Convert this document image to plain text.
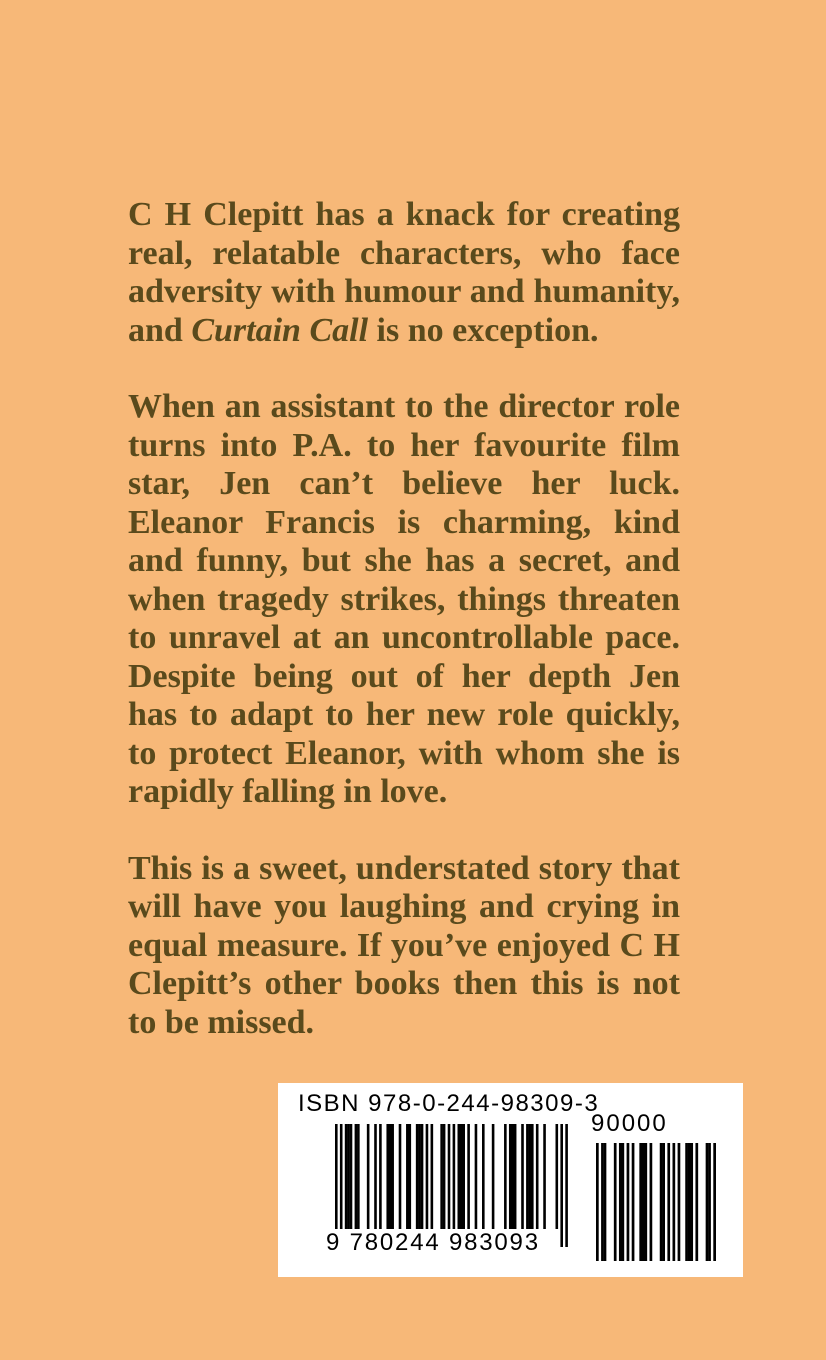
C H Clepitt has a knack for creating real, relatable characters, who face adversity with humour and humanity, and Curtain Call is no exception.

When an assistant to the director role turns into P.A. to her favourite film star, Jen can’t believe her luck. Eleanor Francis is charming, kind and funny, but she has a secret, and when tragedy strikes, things threaten to unravel at an uncontrollable pace. Despite being out of her depth Jen has to adapt to her new role quickly, to protect Eleanor, with whom she is rapidly falling in love.

This is a sweet, understated story that will have you laughing and crying in equal measure. If you’ve enjoyed C H Clepitt’s other books then this is not to be missed.

ISBN 978-0-244-98309-3
90000
9 780244 983093
